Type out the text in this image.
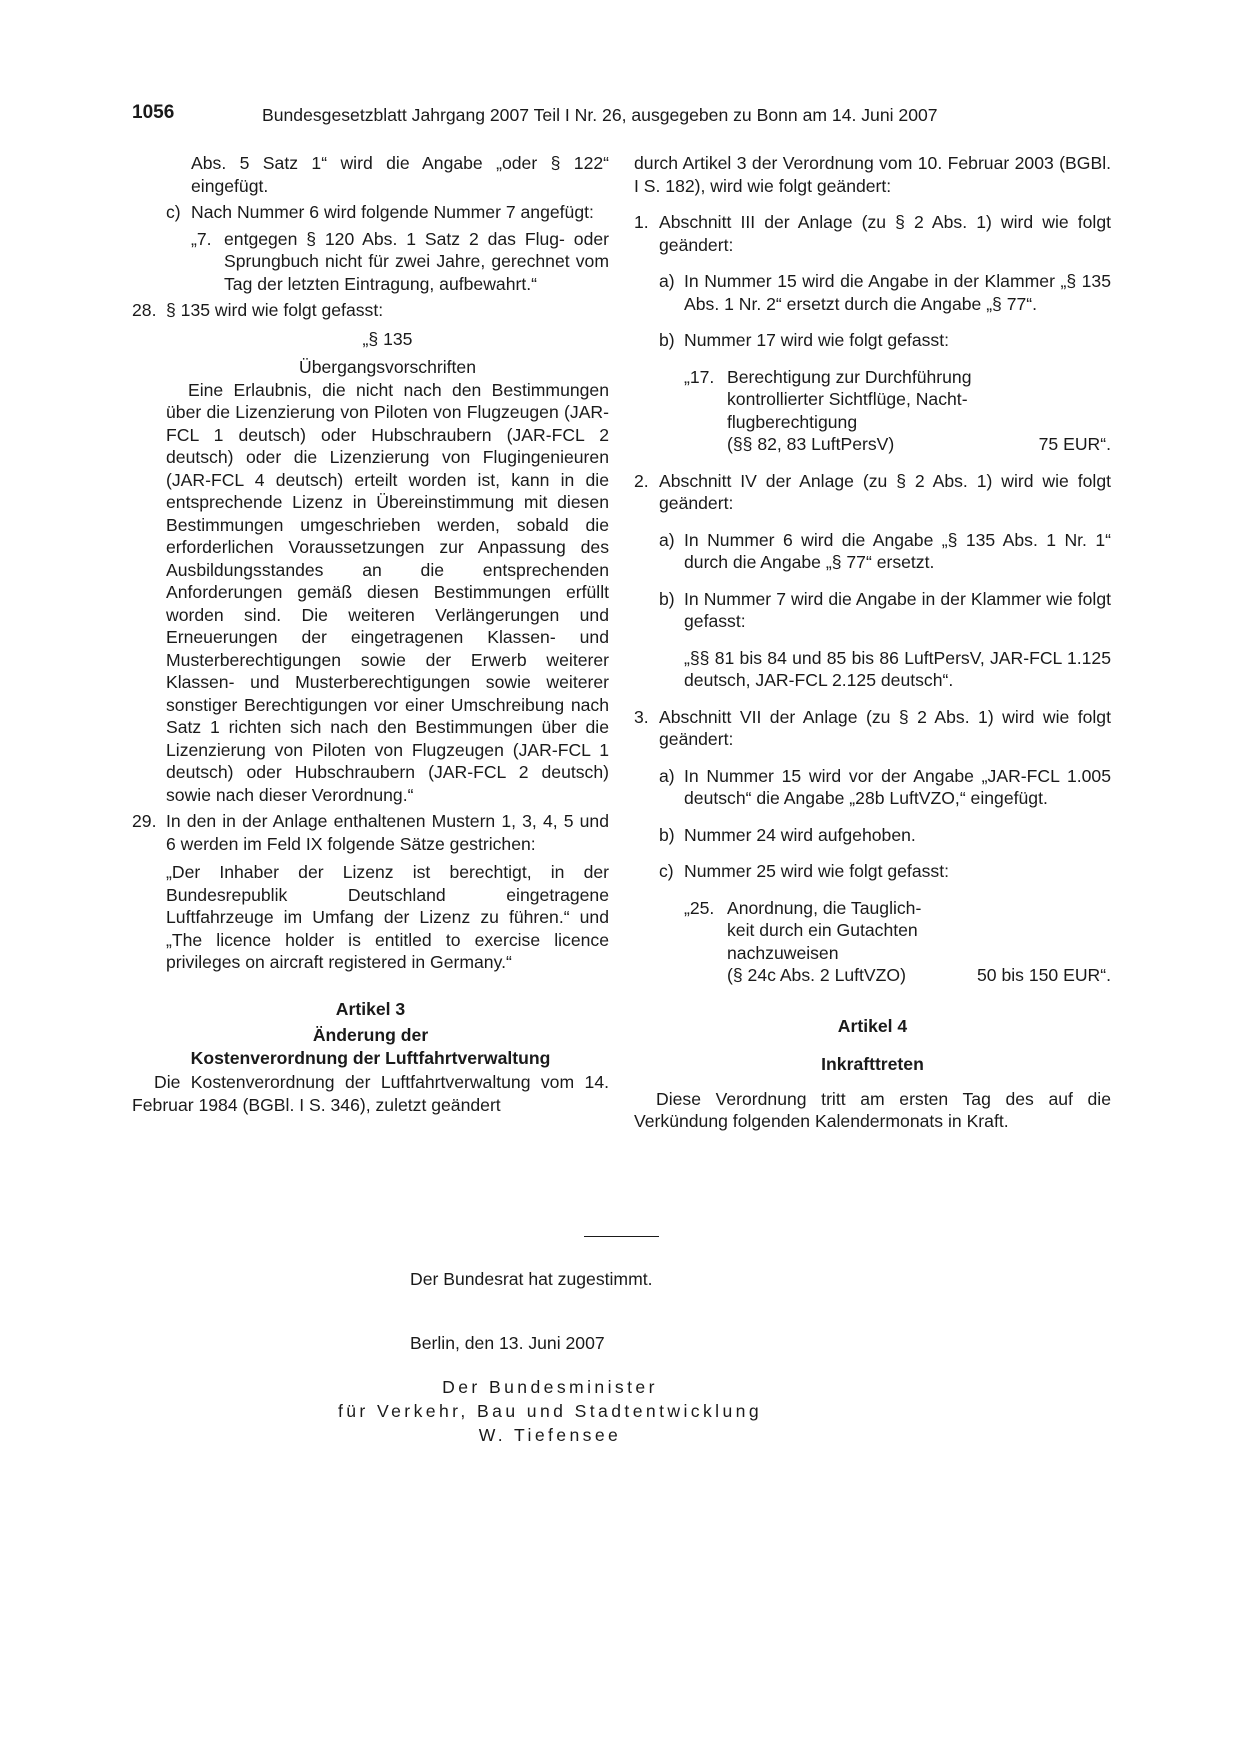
1056	Bundesgesetzblatt Jahrgang 2007 Teil I Nr. 26, ausgegeben zu Bonn am 14. Juni 2007

Abs. 5 Satz 1“ wird die Angabe „oder § 122“ eingefügt.

c) Nach Nummer 6 wird folgende Nummer 7 angefügt:

„7. entgegen § 120 Abs. 1 Satz 2 das Flug- oder Sprungbuch nicht für zwei Jahre, gerechnet vom Tag der letzten Eintragung, aufbewahrt.“

28. § 135 wird wie folgt gefasst:

„§ 135

Übergangsvorschriften

Eine Erlaubnis, die nicht nach den Bestimmungen über die Lizenzierung von Piloten von Flugzeugen (JAR-FCL 1 deutsch) oder Hubschraubern (JAR-FCL 2 deutsch) oder die Lizenzierung von Flugingenieuren (JAR-FCL 4 deutsch) erteilt worden ist, kann in die entsprechende Lizenz in Übereinstimmung mit diesen Bestimmungen umgeschrieben werden, sobald die erforderlichen Voraussetzungen zur Anpassung des Ausbildungsstandes an die entsprechenden Anforderungen gemäß diesen Bestimmungen erfüllt worden sind. Die weiteren Verlängerungen und Erneuerungen der eingetragenen Klassen- und Musterberechtigungen sowie der Erwerb weiterer Klassen- und Musterberechtigungen sowie weiterer sonstiger Berechtigungen vor einer Umschreibung nach Satz 1 richten sich nach den Bestimmungen über die Lizenzierung von Piloten von Flugzeugen (JAR-FCL 1 deutsch) oder Hubschraubern (JAR-FCL 2 deutsch) sowie nach dieser Verordnung.“

29. In den in der Anlage enthaltenen Mustern 1, 3, 4, 5 und 6 werden im Feld IX folgende Sätze gestrichen:

„Der Inhaber der Lizenz ist berechtigt, in der Bundesrepublik Deutschland eingetragene Luftfahrzeuge im Umfang der Lizenz zu führen.“ und „The licence holder is entitled to exercise licence privileges on aircraft registered in Germany.“

Artikel 3

Änderung der

Kostenverordnung der Luftfahrtverwaltung

Die Kostenverordnung der Luftfahrtverwaltung vom 14. Februar 1984 (BGBl. I S. 346), zuletzt geändert

durch Artikel 3 der Verordnung vom 10. Februar 2003 (BGBl. I S. 182), wird wie folgt geändert:

1. Abschnitt III der Anlage (zu § 2 Abs. 1) wird wie folgt geändert:

a) In Nummer 15 wird die Angabe in der Klammer „§ 135 Abs. 1 Nr. 2“ ersetzt durch die Angabe „§ 77“.

b) Nummer 17 wird wie folgt gefasst:

„17. Berechtigung zur Durchführung
kontrollierter Sichtflüge, Nacht-
flugberechtigung
(§§ 82, 83 LuftPersV)	75 EUR“.
2. Abschnitt IV der Anlage (zu § 2 Abs. 1) wird wie folgt geändert:

a) In Nummer 6 wird die Angabe „§ 135 Abs. 1 Nr. 1“ durch die Angabe „§ 77“ ersetzt.

b) In Nummer 7 wird die Angabe in der Klammer wie folgt gefasst:

„§§ 81 bis 84 und 85 bis 86 LuftPersV, JAR-FCL 1.125 deutsch, JAR-FCL 2.125 deutsch“.

3. Abschnitt VII der Anlage (zu § 2 Abs. 1) wird wie folgt geändert:

a) In Nummer 15 wird vor der Angabe „JAR-FCL 1.005 deutsch“ die Angabe „28b LuftVZO,“ eingefügt.

b) Nummer 24 wird aufgehoben.

c) Nummer 25 wird wie folgt gefasst:

„25. Anordnung, die Tauglich-
keit durch ein Gutachten
nachzuweisen
(§ 24c Abs. 2 LuftVZO)	50 bis 150 EUR“.

Artikel 4

Inkrafttreten

Diese Verordnung tritt am ersten Tag des auf die Verkündung folgenden Kalendermonats in Kraft.

Der Bundesrat hat zugestimmt.
Berlin, den 13. Juni 2007
Der Bundesminister
für Verkehr, Bau und Stadtentwicklung
W. Tiefensee
